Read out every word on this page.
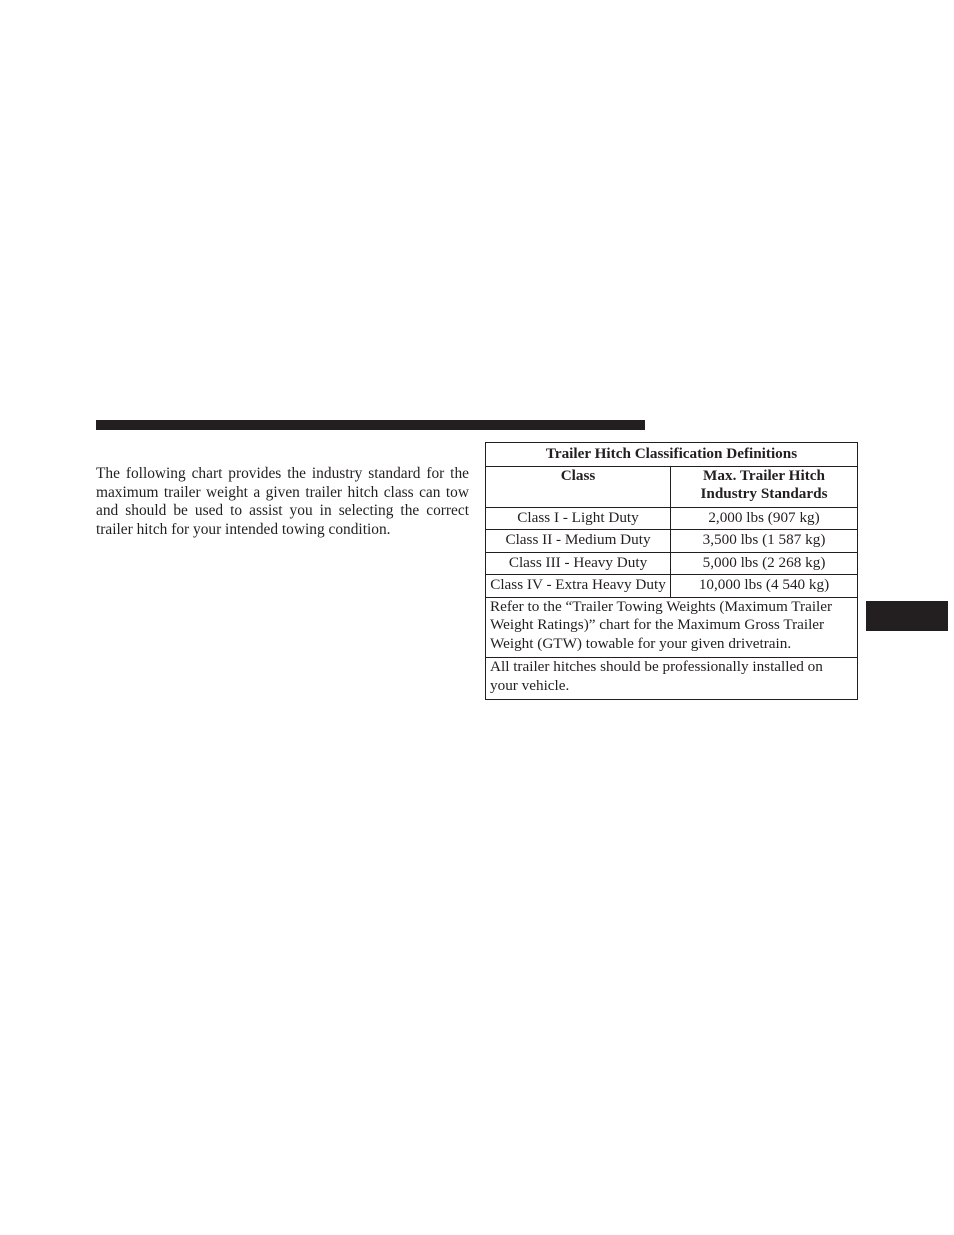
The following chart provides the industry standard for the maximum trailer weight a given trailer hitch class can tow and should be used to assist you in selecting the correct trailer hitch for your intended towing condition.

Trailer Hitch Classification Definitions	
Class	Max. Trailer Hitch Industry Standards
Class I - Light Duty	2,000 lbs (907 kg)
Class II - Medium Duty	3,500 lbs (1 587 kg)
Class III - Heavy Duty	5,000 lbs (2 268 kg)
Class IV - Extra Heavy Duty	10,000 lbs (4 540 kg)
Refer to the “Trailer Towing Weights (Maximum Trailer Weight Ratings)” chart for the Maximum Gross Trailer Weight (GTW) towable for your given drivetrain.	
All trailer hitches should be professionally installed on your vehicle.	
